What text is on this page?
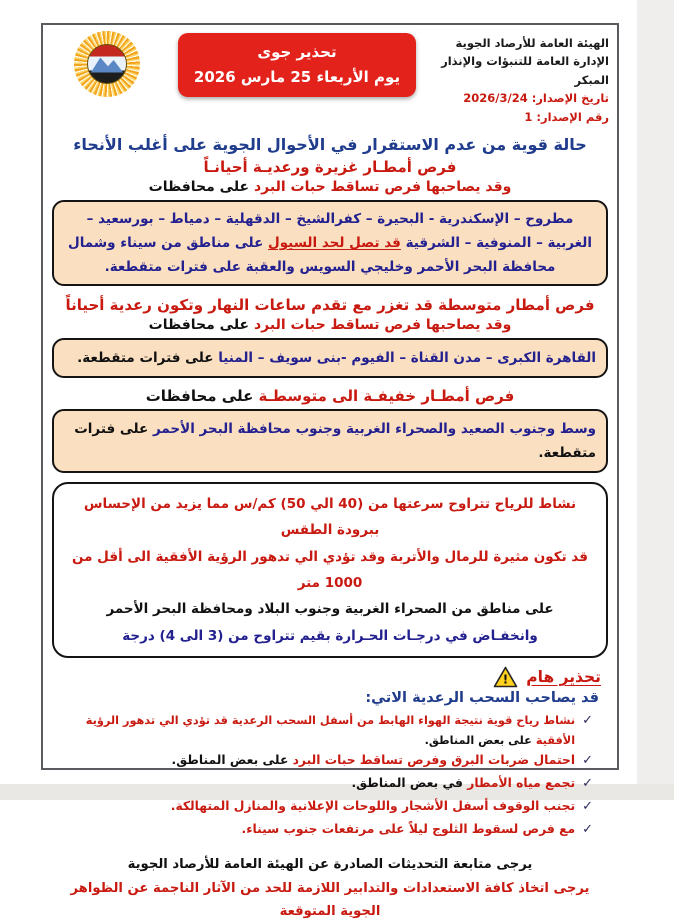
الهيئة العامة للأرصاد الجوية
الإدارة العامة للتنبؤات والإنذار المبكر
تاريخ الإصدار: 2026/3/24
رقم الإصدار: 1
تحذير جوى
يوم الأربعاء 25 مارس 2026
حالة قوية من عدم الاستقرار في الأحوال الجوية على أغلب الأنحاء
فرص أمطـار غزيرة ورعديـة أحيانـاً
وقد يصاحبها فرص تساقط حبات البرد على محافظات
مطروح – الإسكندرية - البحيرة – كفرالشيخ – الدقهلية – دمياط – بورسعيد – الغربية – المنوفية – الشرقية قد تصل لحد السيول على مناطق من سيناء وشمال محافظة البحر الأحمر وخليجي السويس والعقبة على فترات متقطعة.
فرص أمطار متوسطة قد تغزر مع تقدم ساعات النهار وتكون رعدية أحياناً
وقد يصاحبها فرص تساقط حبات البرد على محافظات
القاهرة الكبرى – مدن القناة – الفيوم -بنى سويف – المنيا على فترات متقطعة.
فرص أمطـار خفيفـة الى متوسطـة على محافظات
وسط وجنوب الصعيد والصحراء الغربية وجنوب محافظة البحر الأحمر على فترات متقطعة.
نشاط للرياح تتراوح سرعتها من (40 الي 50) كم/س مما يزيد من الإحساس ببرودة الطقس
قد تكون مثيرة للرمال والأتربة وقد تؤدي الي تدهور الرؤية الأفقية الى أقل من 1000 متر
على مناطق من الصحراء الغربية وجنوب البلاد ومحافظة البحر الأحمر
وانخفـاض في درجـات الحـرارة بقيم تتراوح من (3 الى 4) درجة
تحذير هام
!
قد يصاحب السحب الرعدية الاتي:
✓
نشاط رياح قوية نتيجة الهواء الهابط من أسفل السحب الرعدية قد تؤدي الي تدهور الرؤية الأفقية على بعض المناطق.
✓
احتمال ضربات البرق وفرص تساقط حبات البرد على بعض المناطق.
✓
تجمع مياه الأمطار في بعض المناطق.
✓
تجنب الوقوف أسفل الأشجار واللوحات الإعلانية والمنازل المتهالكة.
✓
مع فرص لسقوط الثلوج ليلاً على مرتفعات جنوب سيناء.
يرجى متابعة التحديثات الصادرة عن الهيئة العامة للأرصاد الجوية
يرجى اتخاذ كافة الاستعدادات والتدابير اللازمة للحد من الآثار الناجمة عن الظواهر الجوية المتوقعة
